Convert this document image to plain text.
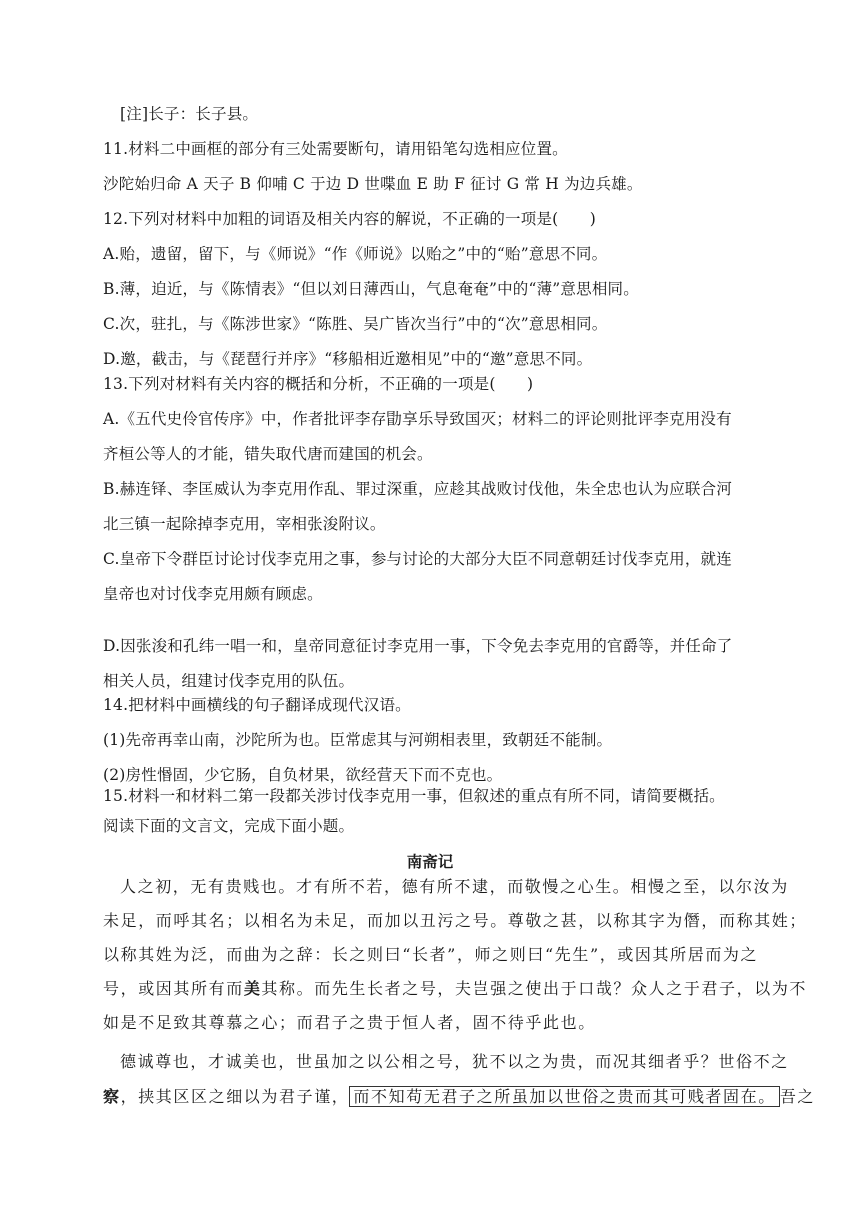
[注]长子：长子县。
11.材料二中画框的部分有三处需要断句，请用铅笔勾选相应位置。
沙陀始归命 A 天子 B 仰哺 C 于边 D 世喋血 E 助 F 征讨 G 常 H 为边兵雄。
12.下列对材料中加粗的词语及相关内容的解说，不正确的一项是(　　)
A.贻，遗留，留下，与《师说》“作《师说》以贻之”中的“贻”意思不同。
B.薄，迫近，与《陈情表》“但以刘日薄西山，气息奄奄”中的“薄”意思相同。
C.次，驻扎，与《陈涉世家》“陈胜、吴广皆次当行”中的“次”意思相同。
D.邀，截击，与《琵琶行并序》“移船相近邀相见”中的“邀”意思不同。
13.下列对材料有关内容的概括和分析，不正确的一项是(　　)
A.《五代史伶官传序》中，作者批评李存勖享乐导致国灭；材料二的评论则批评李克用没有
齐桓公等人的才能，错失取代唐而建国的机会。
B.赫连铎、李匡威认为李克用作乱、罪过深重，应趁其战败讨伐他，朱全忠也认为应联合河
北三镇一起除掉李克用，宰相张浚附议。
C.皇帝下令群臣讨论讨伐李克用之事，参与讨论的大部分大臣不同意朝廷讨伐李克用，就连
皇帝也对讨伐李克用颇有顾虑。
D.因张浚和孔纬一唱一和，皇帝同意征讨李克用一事，下令免去李克用的官爵等，并任命了
相关人员，组建讨伐李克用的队伍。
14.把材料中画横线的句子翻译成现代汉语。
(1)先帝再幸山南，沙陀所为也。臣常虑其与河朔相表里，致朝廷不能制。
(2)房性惽固，少它肠，自负材果，欲经营天下而不克也。
15.材料一和材料二第一段都关涉讨伐李克用一事，但叙述的重点有所不同，请简要概括。
阅读下面的文言文，完成下面小题。
南斋记
人之初，无有贵贱也。才有所不若，德有所不逮，而敬慢之心生。相慢之至，以尔汝为
未足，而呼其名；以相名为未足，而加以丑污之号。尊敬之甚，以称其字为僭，而称其姓；
以称其姓为泛，而曲为之辞：长之则曰“长者”，师之则曰“先生”，或因其所居而为之
号，或因其所有而美其称。而先生长者之号，夫岂强之使出于口哉？众人之于君子，以为不
如是不足致其尊慕之心；而君子之贵于恒人者，固不待乎此也。
德诚尊也，才诚美也，世虽加之以公相之号，犹不以之为贵，而况其细者乎？世俗不之
察，挟其区区之细以为君子谨， 而不知苟无君子之所虽加以世俗之贵而其可贱者固在。 吾之
